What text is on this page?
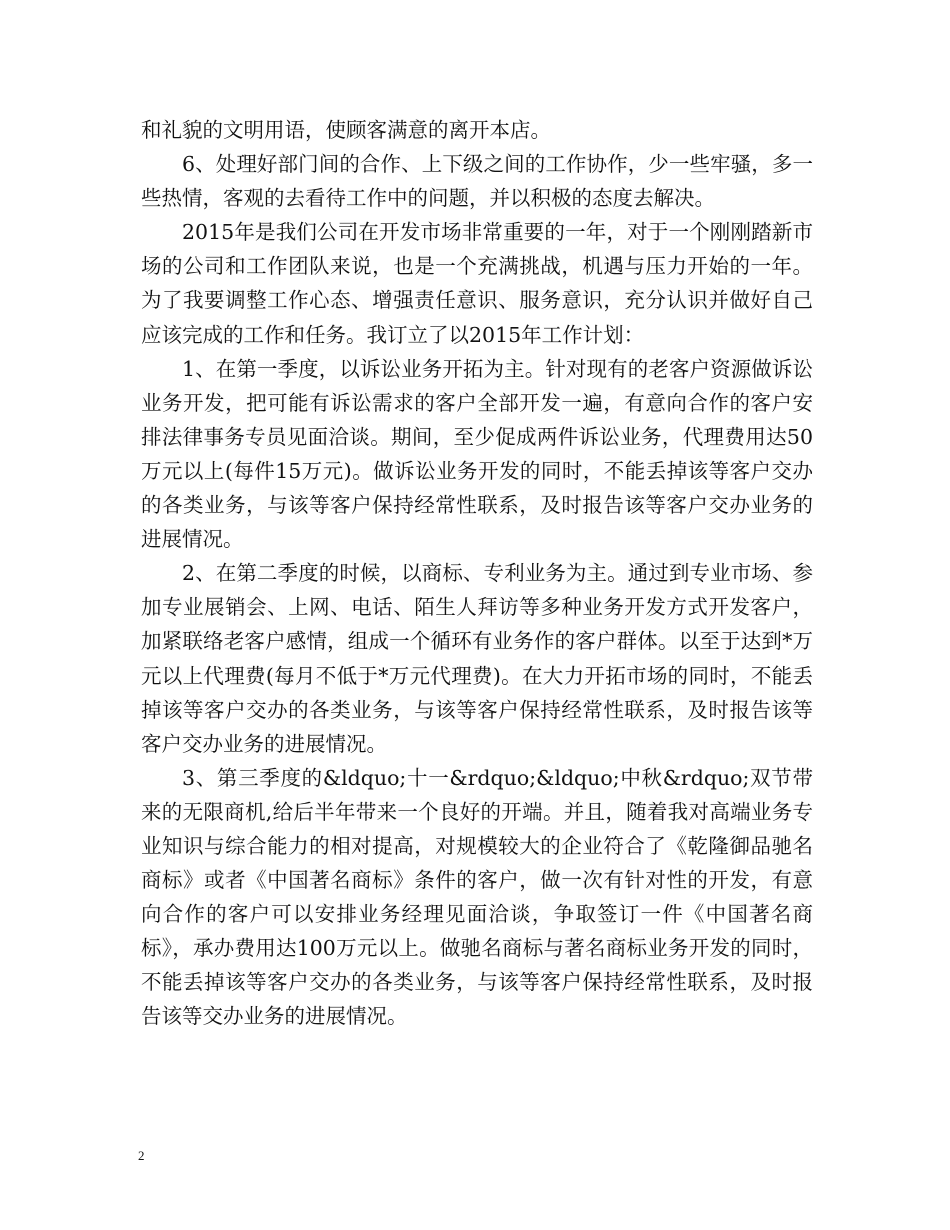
和礼貌的文明用语，使顾客满意的离开本店。

6、处理好部门间的合作、上下级之间的工作协作，少一些牢骚，多一些热情，客观的去看待工作中的问题，并以积极的态度去解决。

2015年是我们公司在开发市场非常重要的一年，对于一个刚刚踏新市场的公司和工作团队来说，也是一个充满挑战，机遇与压力开始的一年。为了我要调整工作心态、增强责任意识、服务意识，充分认识并做好自己应该完成的工作和任务。我订立了以2015年工作计划：

1、在第一季度，以诉讼业务开拓为主。针对现有的老客户资源做诉讼业务开发，把可能有诉讼需求的客户全部开发一遍，有意向合作的客户安排法律事务专员见面洽谈。期间，至少促成两件诉讼业务，代理费用达50万元以上(每件15万元)。做诉讼业务开发的同时，不能丢掉该等客户交办的各类业务，与该等客户保持经常性联系，及时报告该等客户交办业务的进展情况。

2、在第二季度的时候，以商标、专利业务为主。通过到专业市场、参加专业展销会、上网、电话、陌生人拜访等多种业务开发方式开发客户，加紧联络老客户感情，组成一个循环有业务作的客户群体。以至于达到*万元以上代理费(每月不低于*万元代理费)。在大力开拓市场的同时，不能丢掉该等客户交办的各类业务，与该等客户保持经常性联系，及时报告该等客户交办业务的进展情况。

3、第三季度的&ldquo;十一&rdquo;&ldquo;中秋&rdquo;双节带来的无限商机,给后半年带来一个良好的开端。并且，随着我对高端业务专业知识与综合能力的相对提高，对规模较大的企业符合了《乾隆御品驰名商标》或者《中国著名商标》条件的客户，做一次有针对性的开发，有意向合作的客户可以安排业务经理见面洽谈，争取签订一件《中国著名商标》，承办费用达100万元以上。做驰名商标与著名商标业务开发的同时，不能丢掉该等客户交办的各类业务，与该等客户保持经常性联系，及时报告该等交办业务的进展情况。

2
